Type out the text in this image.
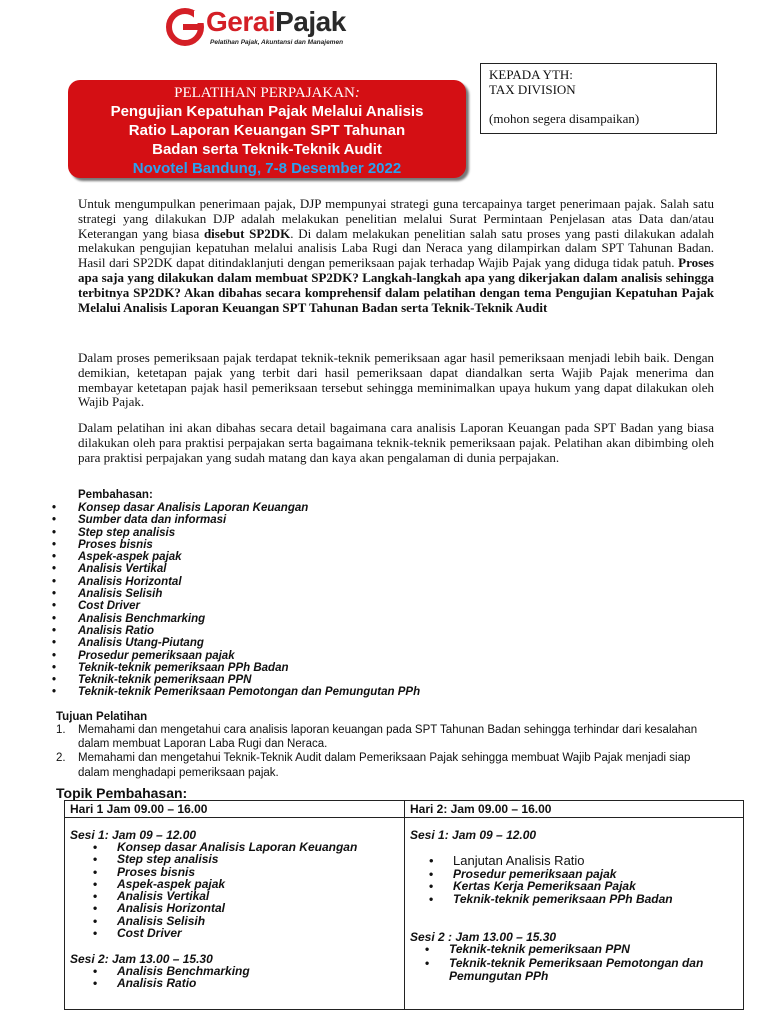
GeraiPajak
Pelatihan Pajak, Akuntansi dan Manajemen
PELATIHAN PERPAJAKAN:
Pengujian Kepatuhan Pajak Melalui Analisis
Ratio Laporan Keuangan SPT Tahunan
Badan serta Teknik-Teknik Audit
Novotel Bandung, 7-8 Desember 2022
KEPADA YTH:
TAX DIVISION
(mohon segera disampaikan)
Untuk mengumpulkan penerimaan pajak, DJP mempunyai strategi guna tercapainya target penerimaan pajak. Salah satu strategi yang dilakukan DJP adalah melakukan penelitian melalui Surat Permintaan Penjelasan atas Data dan/atau Keterangan yang biasa disebut SP2DK. Di dalam melakukan penelitian salah satu proses yang pasti dilakukan adalah melakukan pengujian kepatuhan melalui analisis Laba Rugi dan Neraca yang dilampirkan dalam SPT Tahunan Badan. Hasil dari SP2DK dapat ditindaklanjuti dengan pemeriksaan pajak terhadap Wajib Pajak yang diduga tidak patuh. Proses apa saja yang dilakukan dalam membuat SP2DK? Langkah-langkah apa yang dikerjakan dalam analisis sehingga terbitnya SP2DK? Akan dibahas secara komprehensif dalam pelatihan dengan tema Pengujian Kepatuhan Pajak Melalui Analisis Laporan Keuangan SPT Tahunan Badan serta Teknik-Teknik Audit
Dalam proses pemeriksaan pajak terdapat teknik-teknik pemeriksaan agar hasil pemeriksaan menjadi lebih baik. Dengan demikian, ketetapan pajak yang terbit dari hasil pemeriksaan dapat diandalkan serta Wajib Pajak menerima dan membayar ketetapan pajak hasil pemeriksaan tersebut sehingga meminimalkan upaya hukum yang dapat dilakukan oleh Wajib Pajak.
Dalam pelatihan ini akan dibahas secara detail bagaimana cara analisis Laporan Keuangan pada SPT Badan yang biasa dilakukan oleh para praktisi perpajakan serta bagaimana teknik-teknik pemeriksaan pajak. Pelatihan akan dibimbing oleh para praktisi perpajakan yang sudah matang dan kaya akan pengalaman di dunia perpajakan.
Pembahasan:
• Konsep dasar Analisis Laporan Keuangan
• Sumber data dan informasi
• Step step analisis
• Proses bisnis
• Aspek-aspek pajak
• Analisis Vertikal
• Analisis Horizontal
• Analisis Selisih
• Cost Driver
• Analisis Benchmarking
• Analisis Ratio
• Analisis Utang-Piutang
• Prosedur pemeriksaan pajak
• Teknik-teknik pemeriksaan PPh Badan
• Teknik-teknik pemeriksaan PPN
• Teknik-teknik Pemeriksaan Pemotongan dan Pemungutan PPh
Tujuan Pelatihan
1. Memahami dan mengetahui cara analisis laporan keuangan pada SPT Tahunan Badan sehingga terhindar dari kesalahan dalam membuat Laporan Laba Rugi dan Neraca.
2. Memahami dan mengetahui Teknik-Teknik Audit dalam Pemeriksaan Pajak sehingga membuat Wajib Pajak menjadi siap dalam menghadapi pemeriksaan pajak.
Topik Pembahasan:
Hari 1 Jam 09.00 – 16.00
Sesi 1: Jam 09 – 12.00
• Konsep dasar Analisis Laporan Keuangan
• Step step analisis
• Proses bisnis
• Aspek-aspek pajak
• Analisis Vertikal
• Analisis Horizontal
• Analisis Selisih
• Cost Driver
Sesi 2: Jam 13.00 – 15.30
• Analisis Benchmarking
• Analisis Ratio
Hari 2: Jam 09.00 – 16.00
Sesi 1: Jam 09 – 12.00
• Lanjutan Analisis Ratio
• Prosedur pemeriksaan pajak
• Kertas Kerja Pemeriksaan Pajak
• Teknik-teknik pemeriksaan PPh Badan
Sesi 2 : Jam 13.00 – 15.30
• Teknik-teknik pemeriksaan PPN
• Teknik-teknik Pemeriksaan Pemotongan dan
Pemungutan PPh
